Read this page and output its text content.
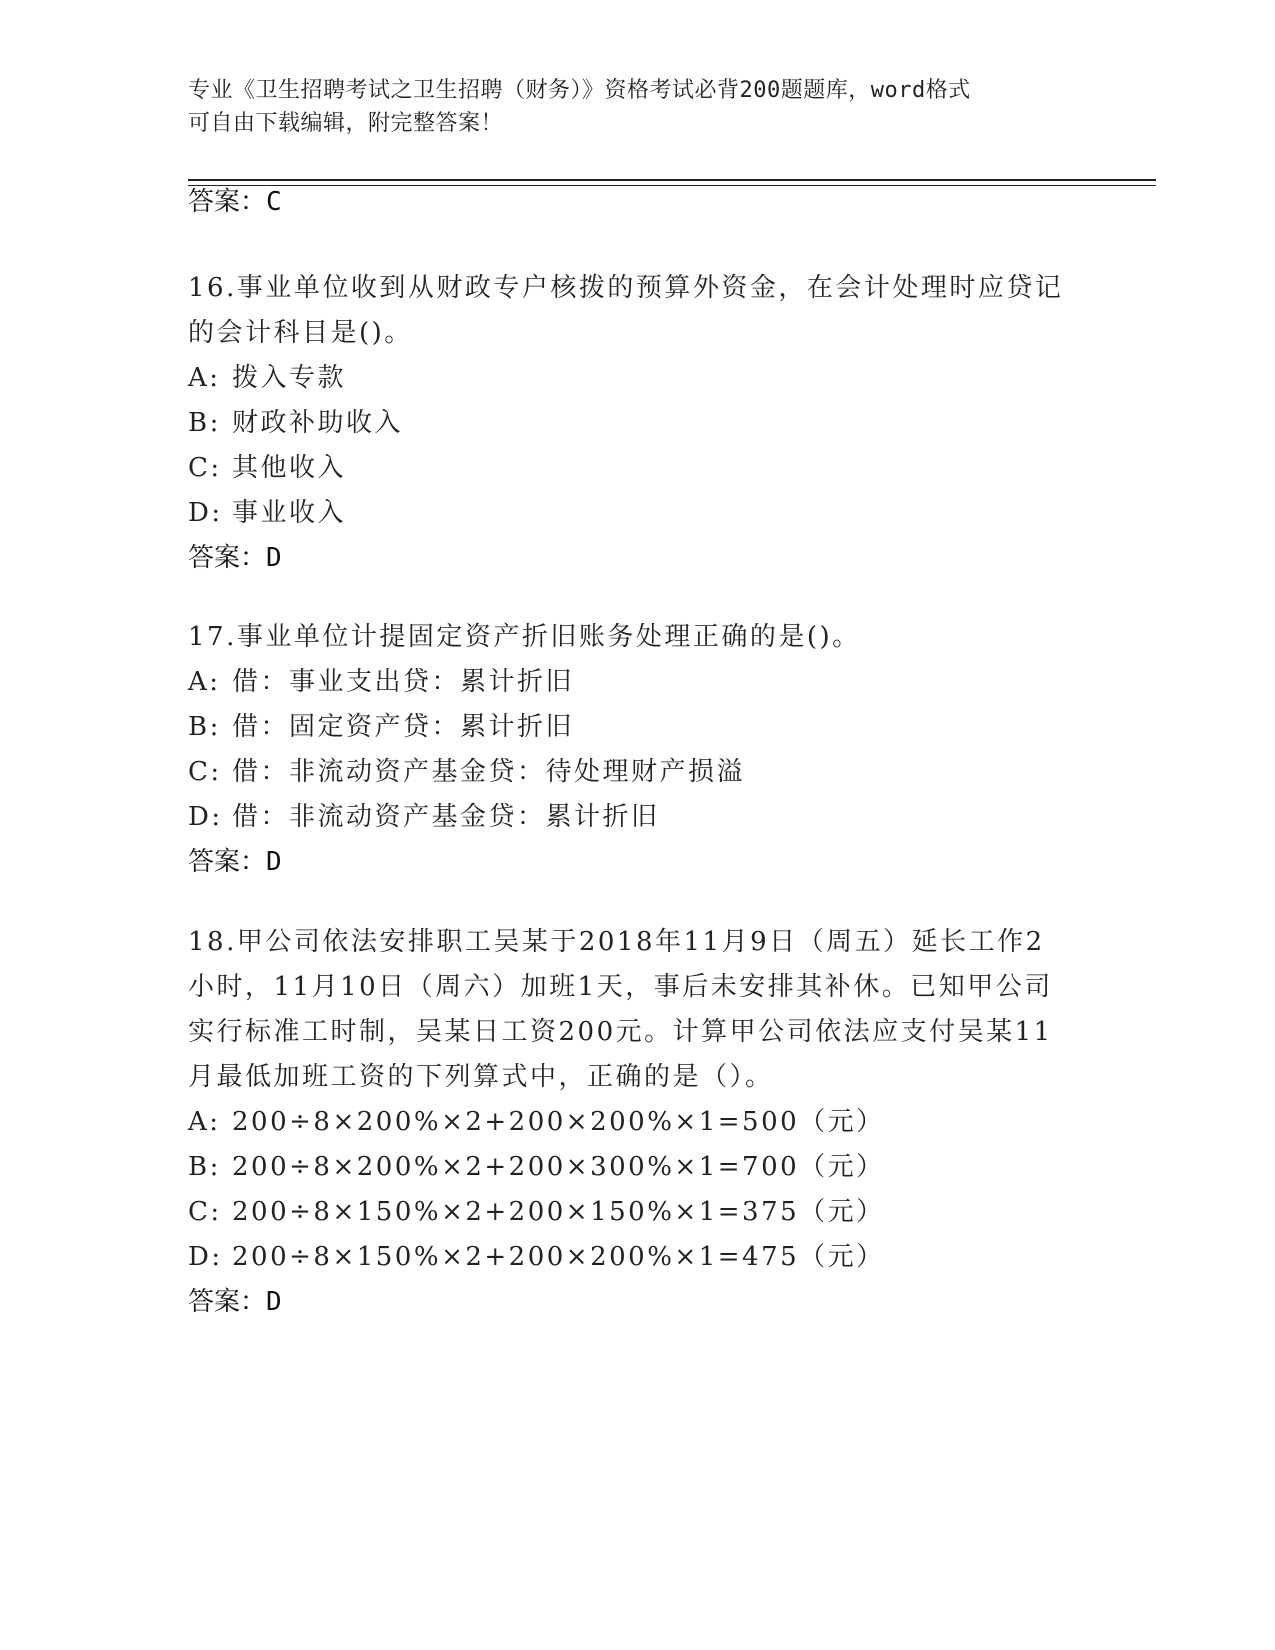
专业《卫生招聘考试之卫生招聘（财务）》资格考试必背200题题库，word格式
可自由下载编辑，附完整答案！
答案：C
16.事业单位收到从财政专户核拨的预算外资金，在会计处理时应贷记
的会计科目是()。
A: 拨入专款
B: 财政补助收入
C: 其他收入
D: 事业收入
答案：D
17.事业单位计提固定资产折旧账务处理正确的是()。
A: 借：事业支出贷：累计折旧
B: 借：固定资产贷：累计折旧
C: 借：非流动资产基金贷：待处理财产损溢
D: 借：非流动资产基金贷：累计折旧
答案：D
18.甲公司依法安排职工吴某于2018年11月9日（周五）延长工作2
小时，11月10日（周六）加班1天，事后未安排其补休。已知甲公司
实行标准工时制，吴某日工资200元。计算甲公司依法应支付吴某11
月最低加班工资的下列算式中，正确的是（）。
A: 200÷8×200%×2+200×200%×1=500（元）
B: 200÷8×200%×2+200×300%×1=700（元）
C: 200÷8×150%×2+200×150%×1=375（元）
D: 200÷8×150%×2+200×200%×1=475（元）
答案：D
